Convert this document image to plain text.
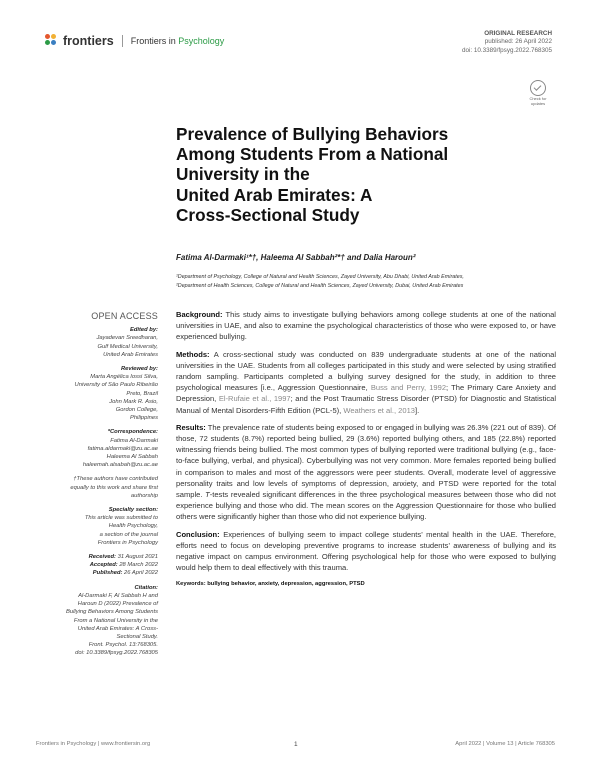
frontiers Frontiers in Psychology
ORIGINAL RESEARCH
published: 26 April 2022
doi: 10.3389/fpsyg.2022.768305
Check for
updates
Prevalence of Bullying Behaviors
Among Students From a National
University in the
United Arab Emirates: A
Cross-Sectional Study
Fatima Al-Darmaki¹*†, Haleema Al Sabbah²*† and Dalia Haroun²
¹Department of Psychology, College of Natural and Health Sciences, Zayed University, Abu Dhabi, United Arab Emirates,
²Department of Health Sciences, College of Natural and Health Sciences, Zayed University, Dubai, United Arab Emirates
OPEN ACCESS
Edited by:
Jayadevan Sreedharan,
Gulf Medical University,
United Arab Emirates
Reviewed by:
Marta Angélica Iossi Silva,
University of São Paulo Ribeirão
Preto, Brazil
John Mark R. Asio,
Gordon College,
Philippines
*Correspondence:
Fatima Al-Darmaki
fatima.aldarmaki@zu.ac.ae
Haleema Al Sabbah
haleemah.alsabah@zu.ac.ae
†These authors have contributed
equally to this work and share first
authorship
Specialty section:
This article was submitted to
Health Psychology,
a section of the journal
Frontiers in Psychology
Received: 31 August 2021
Accepted: 28 March 2022
Published: 26 April 2022
Citation:
Al-Darmaki F, Al Sabbah H and
Haroun D (2022) Prevalence of
Bullying Behaviors Among Students
From a National University in the
United Arab Emirates: A Cross-
Sectional Study.
Front. Psychol. 13:768305.
doi: 10.3389/fpsyg.2022.768305

Background: This study aims to investigate bullying behaviors among college students at one of the national universities in UAE, and also to examine the psychological characteristics of those who were exposed to, or have experienced bullying.

Methods: A cross-sectional study was conducted on 839 undergraduate students at one of the national universities in the UAE. Students from all colleges participated in this study and were selected by using stratified random sampling. Participants completed a bullying survey designed for the study, in addition to three psychological measures [i.e., Aggression Questionnaire, Buss and Perry, 1992; The Primary Care Anxiety and Depression, El-Rufaie et al., 1997; and the Post Traumatic Stress Disorder (PTSD) for Diagnostic and Statistical Manual of Mental Disorders-Fifth Edition (PCL-5), Weathers et al., 2013].

Results: The prevalence rate of students being exposed to or engaged in bullying was 26.3% (221 out of 839). Of those, 72 students (8.7%) reported being bullied, 29 (3.6%) reported bullying others, and 185 (22.8%) reported witnessing friends being bullied. The most common types of bullying reported were traditional bullying (e.g., face-to-face bullying, verbal, and physical). Cyberbullying was not very common. More females reported being bullied in comparison to males and most of the aggressors were peer students. Overall, moderate level of aggressive personality traits and low levels of symptoms of depression, anxiety, and PTSD were reported for the total sample. T-tests revealed significant differences in the three psychological measures between those who did not experience bullying and those who did. The mean scores on the Aggression Questionnaire for those who bullied others were significantly higher than those who did not experience bullying.

Conclusion: Experiences of bullying seem to impact college students’ mental health in the UAE. Therefore, efforts need to focus on developing preventive programs to increase students’ awareness of bullying and its negative impact on campus environment. Offering psychological help for those who were exposed to bullying would help them to deal effectively with this trauma.

Keywords: bullying behavior, anxiety, depression, aggression, PTSD
Frontiers in Psychology | www.frontiersin.org	1	April 2022 | Volume 13 | Article 768305
